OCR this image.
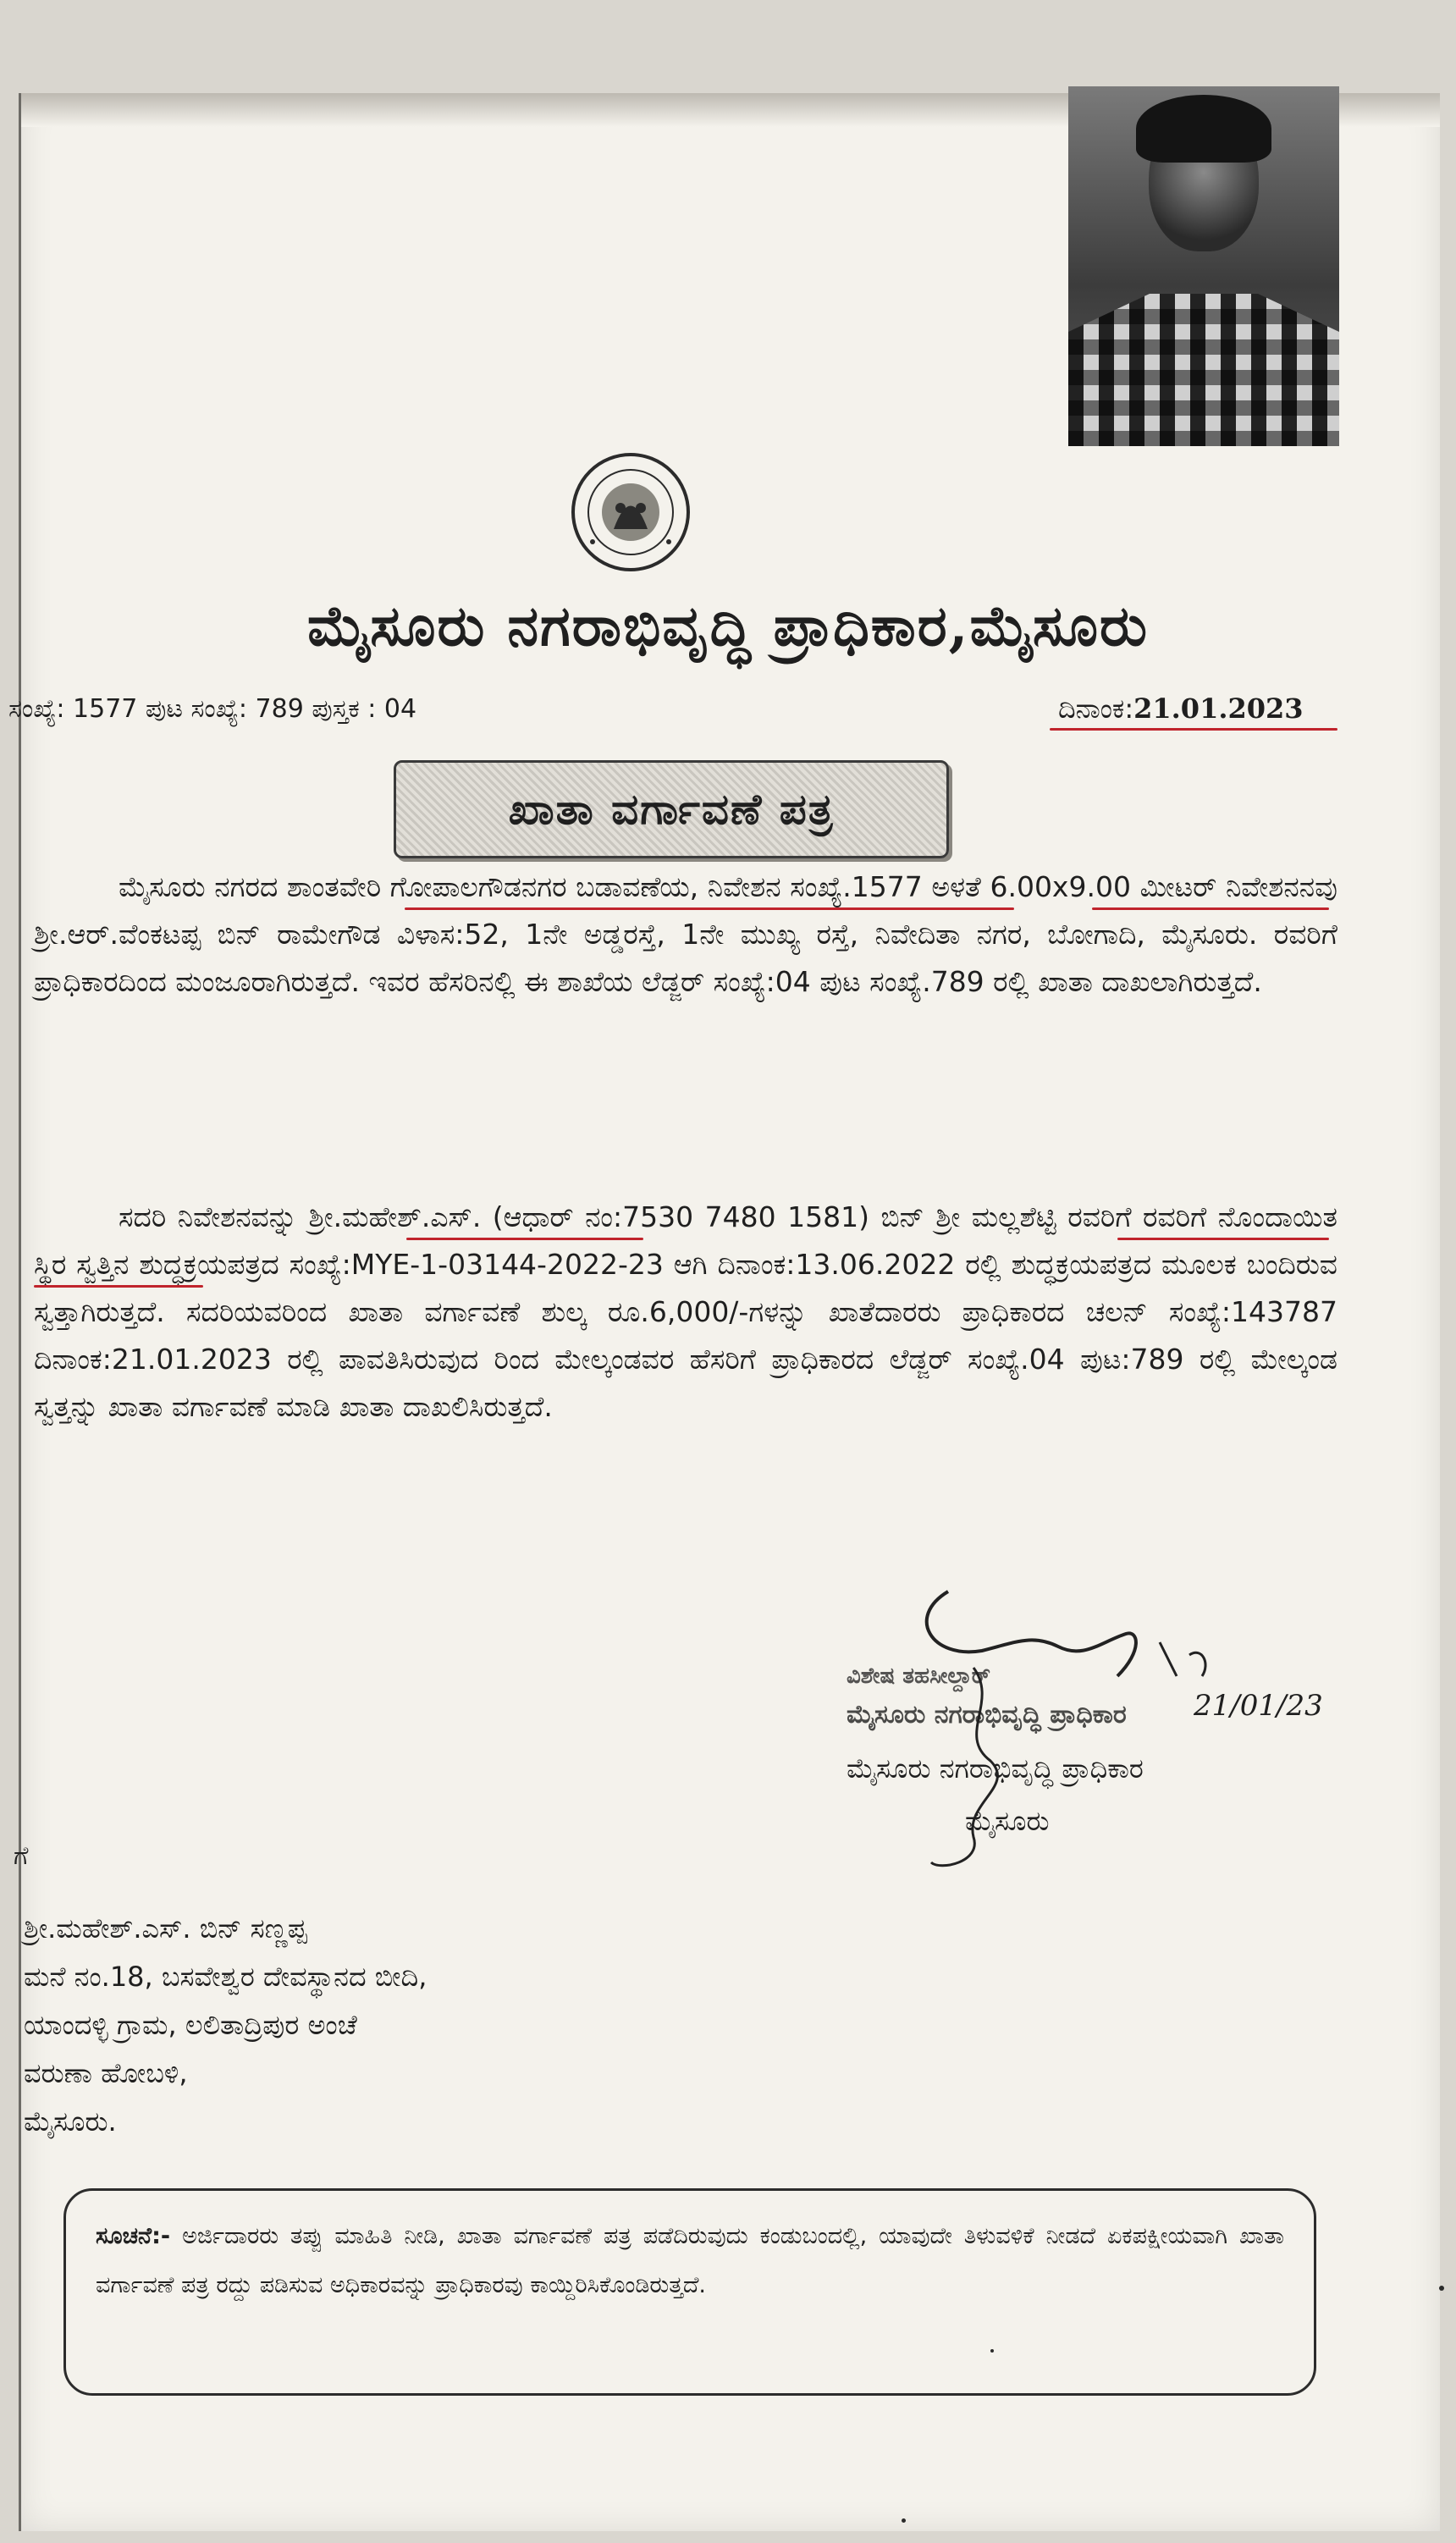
ಮೈಸೂರು ನಗರಾಭಿವೃದ್ಧಿ ಪ್ರಾಧಿಕಾರ,ಮೈಸೂರು
ಸಂಖ್ಯೆ: 1577 ಪುಟ ಸಂಖ್ಯೆ: 789 ಪುಸ್ತಕ : 04	ದಿನಾಂಕ:21.01.2023
ಖಾತಾ ವರ್ಗಾವಣೆ ಪತ್ರ
ಮೈಸೂರು ನಗರದ ಶಾಂತವೇರಿ ಗೋಪಾಲಗೌಡನಗರ ಬಡಾವಣೆಯ, ನಿವೇಶನ ಸಂಖ್ಯೆ.1577 ಅಳತೆ 6.00x9.00 ಮೀಟರ್ ನಿವೇಶನನವು ಶ್ರೀ.ಆರ್.ವೆಂಕಟಪ್ಪ ಬಿನ್ ರಾಮೇಗೌಡ ವಿಳಾಸ:52, 1ನೇ ಅಡ್ಡರಸ್ತೆ, 1ನೇ ಮುಖ್ಯ ರಸ್ತೆ, ನಿವೇದಿತಾ ನಗರ, ಬೋಗಾದಿ, ಮೈಸೂರು. ರವರಿಗೆ ಪ್ರಾಧಿಕಾರದಿಂದ ಮಂಜೂರಾಗಿರುತ್ತದೆ. ಇವರ ಹೆಸರಿನಲ್ಲಿ ಈ ಶಾಖೆಯ ಲೆಡ್ಜರ್ ಸಂಖ್ಯೆ:04 ಪುಟ ಸಂಖ್ಯೆ.789 ರಲ್ಲಿ ಖಾತಾ ದಾಖಲಾಗಿರುತ್ತದೆ.
ಸದರಿ ನಿವೇಶನವನ್ನು ಶ್ರೀ.ಮಹೇಶ್.ಎಸ್. (ಆಧಾರ್ ನಂ:7530 7480 1581) ಬಿನ್ ಶ್ರೀ ಮಲ್ಲಶೆಟ್ಟಿ ರವರಿಗೆ ರವರಿಗೆ ನೊಂದಾಯಿತ ಸ್ಥಿರ ಸ್ವತ್ತಿನ ಶುದ್ಧಕ್ರಯಪತ್ರದ ಸಂಖ್ಯೆ:MYE-1-03144-2022-23 ಆಗಿ ದಿನಾಂಕ:13.06.2022 ರಲ್ಲಿ ಶುದ್ಧಕ್ರಯಪತ್ರದ ಮೂಲಕ ಬಂದಿರುವ ಸ್ವತ್ತಾಗಿರುತ್ತದೆ. ಸದರಿಯವರಿಂದ ಖಾತಾ ವರ್ಗಾವಣೆ ಶುಲ್ಕ ರೂ.6,000/-ಗಳನ್ನು ಖಾತೆದಾರರು ಪ್ರಾಧಿಕಾರದ ಚಲನ್ ಸಂಖ್ಯೆ:143787 ದಿನಾಂಕ:21.01.2023 ರಲ್ಲಿ ಪಾವತಿಸಿರುವುದ ರಿಂದ ಮೇಲ್ಕಂಡವರ ಹೆಸರಿಗೆ ಪ್ರಾಧಿಕಾರದ ಲೆಡ್ಜರ್ ಸಂಖ್ಯೆ.04 ಪುಟ:789 ರಲ್ಲಿ ಮೇಲ್ಕಂಡ ಸ್ವತ್ತನ್ನು ಖಾತಾ ವರ್ಗಾವಣೆ ಮಾಡಿ ಖಾತಾ ದಾಖಲಿಸಿರುತ್ತದೆ.
ವಿಶೇಷ ತಹಸೀಲ್ದಾರ್
ಮೈಸೂರು ನಗರಾಭಿವೃದ್ಧಿ ಪ್ರಾಧಿಕಾರ 21/01/23
ಮೈಸೂರು ನಗರಾಭಿವೃದ್ಧಿ ಪ್ರಾಧಿಕಾರ
ಮೈಸೂರು
ಗೆ
ಶ್ರೀ.ಮಹೇಶ್.ಎಸ್. ಬಿನ್ ಸಣ್ಣಪ್ಪ
ಮನೆ ನಂ.18, ಬಸವೇಶ್ವರ ದೇವಸ್ಥಾನದ ಬೀದಿ,
ಯಾಂದಳ್ಳಿ ಗ್ರಾಮ, ಲಲಿತಾದ್ರಿಪುರ ಅಂಚೆ
ವರುಣಾ ಹೋಬಳಿ,
ಮೈಸೂರು.
ಸೂಚನೆ:- ಅರ್ಜಿದಾರರು ತಪ್ಪು ಮಾಹಿತಿ ನೀಡಿ, ಖಾತಾ ವರ್ಗಾವಣೆ ಪತ್ರ ಪಡೆದಿರುವುದು ಕಂಡುಬಂದಲ್ಲಿ, ಯಾವುದೇ ತಿಳುವಳಿಕೆ ನೀಡದೆ ಏಕಪಕ್ಷೀಯವಾಗಿ ಖಾತಾ ವರ್ಗಾವಣೆ ಪತ್ರ ರದ್ದು ಪಡಿಸುವ ಅಧಿಕಾರವನ್ನು ಪ್ರಾಧಿಕಾರವು ಕಾಯ್ದಿರಿಸಿಕೊಂಡಿರುತ್ತದೆ.
